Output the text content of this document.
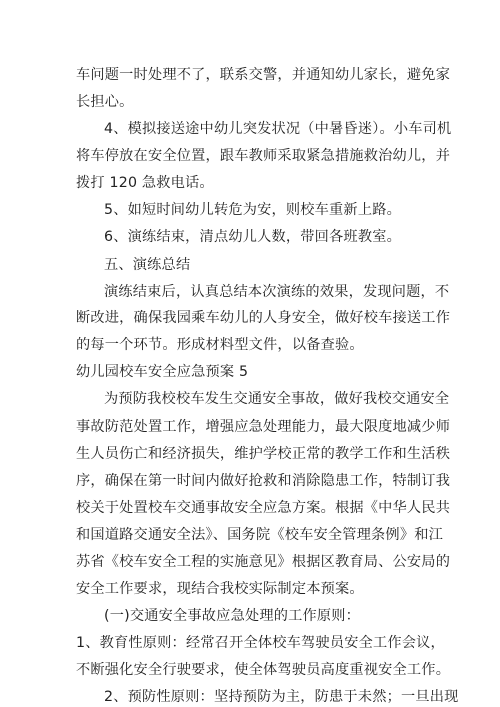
车问题一时处理不了，联系交警，并通知幼儿家长，避免家
长担心。
4、模拟接送途中幼儿突发状况（中暑昏迷）。小车司机
将车停放在安全位置，跟车教师采取紧急措施救治幼儿，并
拨打 120 急救电话。
5、如短时间幼儿转危为安，则校车重新上路。
6、演练结束，清点幼儿人数，带回各班教室。
五、演练总结
演练结束后，认真总结本次演练的效果，发现问题，不
断改进，确保我园乘车幼儿的人身安全，做好校车接送工作
的每一个环节。形成材料型文件，以备查验。
幼儿园校车安全应急预案 5
为预防我校校车发生交通安全事故，做好我校交通安全
事故防范处置工作，增强应急处理能力，最大限度地减少师
生人员伤亡和经济损失，维护学校正常的教学工作和生活秩
序，确保在第一时间内做好抢救和消除隐患工作，特制订我
校关于处置校车交通事故安全应急方案。根据《中华人民共
和国道路交通安全法》、国务院《校车安全管理条例》和江
苏省《校车安全工程的实施意见》根据区教育局、公安局的
安全工作要求，现结合我校实际制定本预案。
(一)交通安全事故应急处理的工作原则：
1、教育性原则：经常召开全体校车驾驶员安全工作会议，
不断强化安全行驶要求，使全体驾驶员高度重视安全工作。
2、预防性原则：坚持预防为主，防患于未然；一旦出现
